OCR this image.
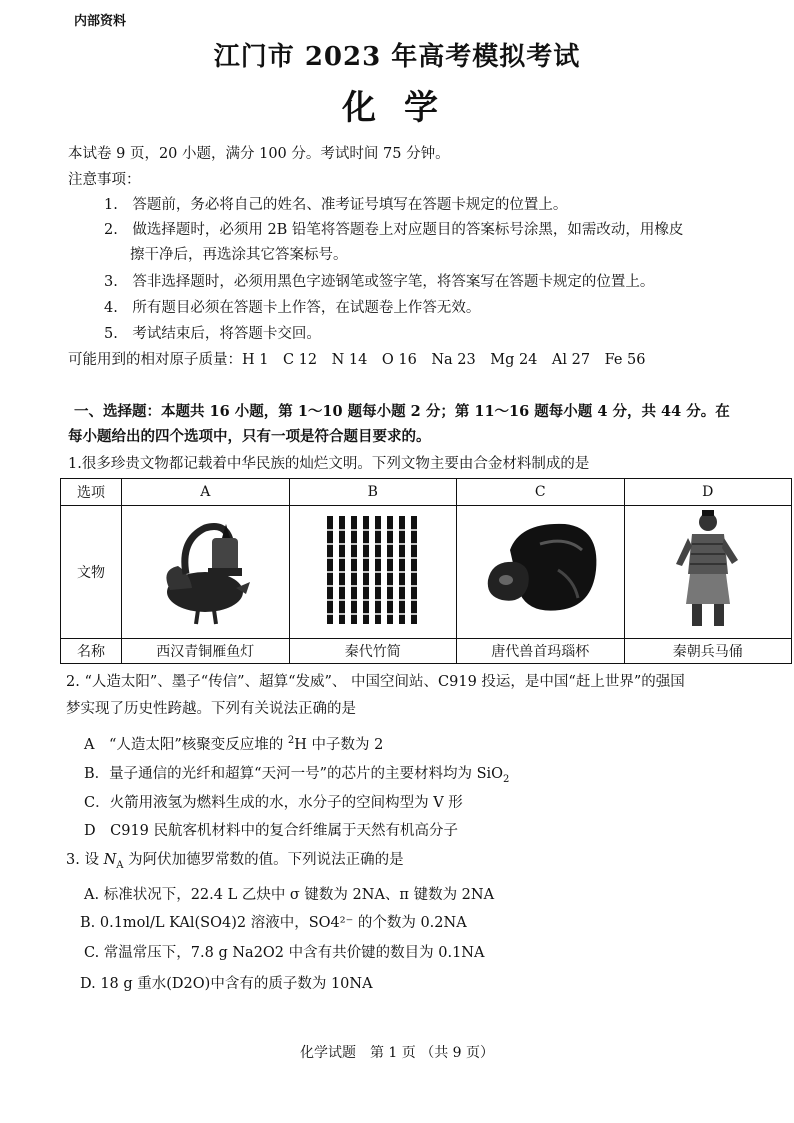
内部资料
江门市 2023 年高考模拟考试
化学
本试卷 9 页，20 小题，满分 100 分。考试时间 75 分钟。
注意事项：
1.　答题前，务必将自己的姓名、准考证号填写在答题卡规定的位置上。
2.　做选择题时，必须用 2B 铅笔将答题卷上对应题目的答案标号涂黑，如需改动，用橡皮
擦干净后，再选涂其它答案标号。
3.　答非选择题时，必须用黑色字迹钢笔或签字笔，将答案写在答题卡规定的位置上。
4.　所有题目必须在答题卡上作答，在试题卷上作答无效。
5.　考试结束后，将答题卡交回。
可能用到的相对原子质量：H 1　C 12　N 14　O 16　Na 23　Mg 24　Al 27　Fe 56
一、选择题：本题共 16 小题，第 1～10 题每小题 2 分；第 11～16 题每小题 4 分，共 44 分。在
每小题给出的四个选项中，只有一项是符合题目要求的。
1.很多珍贵文物都记载着中华民族的灿烂文明。下列文物主要由合金材料制成的是
选项	A	B	C	D
文物				
名称	西汉青铜雁鱼灯	秦代竹简	唐代兽首玛瑙杯	秦朝兵马俑
2. “人造太阳”、墨子“传信”、超算“发威”、 中国空间站、C919 投运，是中国“赶上世界”的强国
梦实现了历史性跨越。下列有关说法正确的是
A　“人造太阳”核聚变反应堆的 $^2$H 中子数为 2
B．量子通信的光纤和超算“天河一号”的芯片的主要材料均为 SiO$_2$
C．火箭用液氢为燃料生成的水，水分子的空间构型为 V 形
D　C919 民航客机材料中的复合纤维属于天然有机高分子
3. 设 $N_A$ 为阿伏加德罗常数的值。下列说法正确的是
A. 标准状况下，22.4 L 乙炔中 σ 键数为 2NA、π 键数为 2NA
B. 0.1mol/L KAl(SO4)2 溶液中，SO4²⁻ 的个数为 0.2NA
C. 常温常压下，7.8 g Na2O2 中含有共价键的数目为 0.1NA
D. 18 g 重水(D2O)中含有的质子数为 10NA
化学试题　第 1 页 （共 9 页）
